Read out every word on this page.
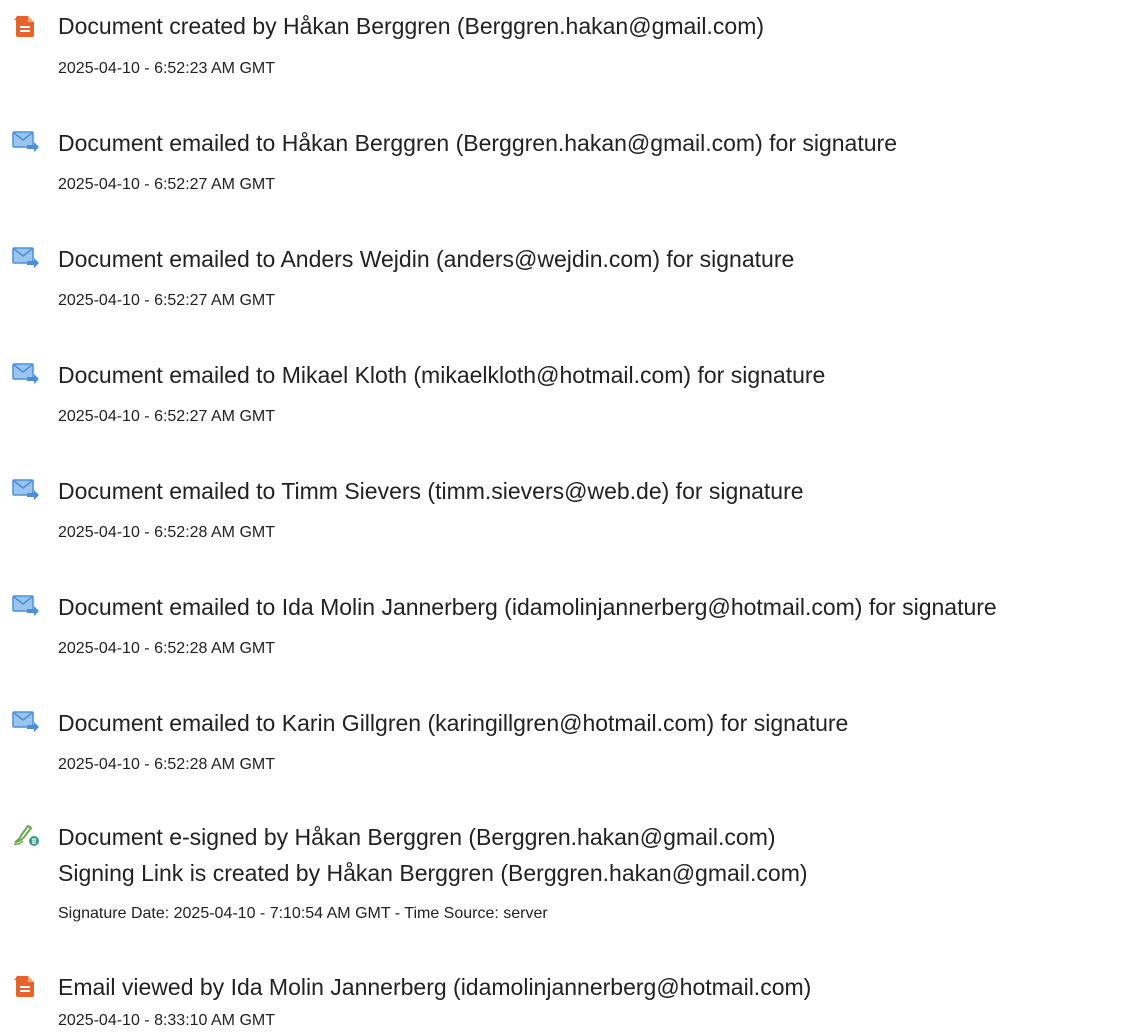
Document created by Håkan Berggren (Berggren.hakan@gmail.com)
2025-04-10 - 6:52:23 AM GMT
Document emailed to Håkan Berggren (Berggren.hakan@gmail.com) for signature
2025-04-10 - 6:52:27 AM GMT
Document emailed to Anders Wejdin (anders@wejdin.com) for signature
2025-04-10 - 6:52:27 AM GMT
Document emailed to Mikael Kloth (mikaelkloth@hotmail.com) for signature
2025-04-10 - 6:52:27 AM GMT
Document emailed to Timm Sievers (timm.sievers@web.de) for signature
2025-04-10 - 6:52:28 AM GMT
Document emailed to Ida Molin Jannerberg (idamolinjannerberg@hotmail.com) for signature
2025-04-10 - 6:52:28 AM GMT
Document emailed to Karin Gillgren (karingillgren@hotmail.com) for signature
2025-04-10 - 6:52:28 AM GMT
Document e-signed by Håkan Berggren (Berggren.hakan@gmail.com)
Signing Link is created by Håkan Berggren (Berggren.hakan@gmail.com)
Signature Date: 2025-04-10 - 7:10:54 AM GMT - Time Source: server
Email viewed by Ida Molin Jannerberg (idamolinjannerberg@hotmail.com)
2025-04-10 - 8:33:10 AM GMT
